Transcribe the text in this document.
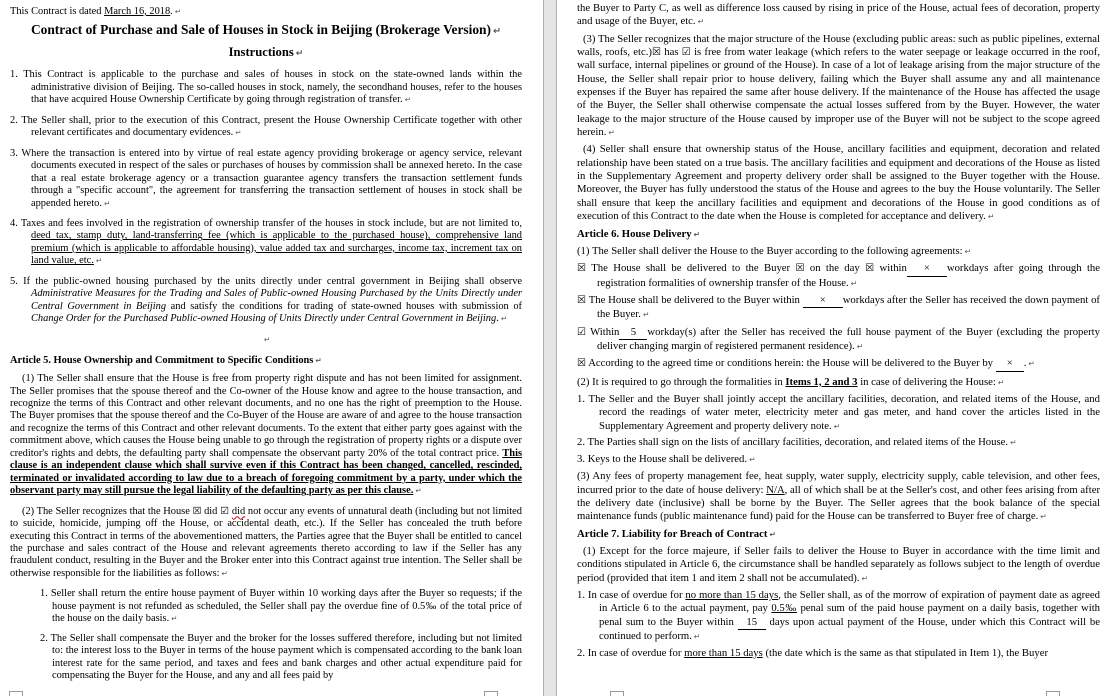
This Contract is dated March 16, 2018. ↵
Contract of Purchase and Sale of Houses in Stock in Beijing (Brokerage Version) ↵
Instructions ↵
1. This Contract is applicable to the purchase and sales of houses in stock on the state-owned lands within the administrative division of Beijing. The so-called houses in stock, namely, the secondhand houses, refer to the houses that have acquired House Ownership Certificate by going through registration of transfer. ↵
2. The Seller shall, prior to the execution of this Contract, present the House Ownership Certificate together with other relevant certificates and documentary evidences. ↵
3. Where the transaction is entered into by virtue of real estate agency providing brokerage or agency service, relevant documents executed in respect of the sales or purchases of houses by commission shall be annexed hereto. In the case that a real estate brokerage agency or a transaction guarantee agency transfers the transaction settlement funds through a "specific account", the agreement for transferring the transaction settlement of houses in stock shall be appended hereto. ↵
4. Taxes and fees involved in the registration of ownership transfer of the houses in stock include, but are not limited to, deed tax, stamp duty, land-transferring fee (which is applicable to the purchased house), comprehensive land premium (which is applicable to affordable housing), value added tax and surcharges, income tax, increment tax on land value, etc. ↵
5. If the public-owned housing purchased by the units directly under central government in Beijing shall observe Administrative Measures for the Trading and Sales of Public-owned Housing Purchased by the Units Directly under Central Government in Beijing and satisfy the conditions for trading of state-owned houses with submission of Change Order for the Purchased Public-owned Housing of Units Directly under Central Government in Beijing. ↵
↵
Article 5. House Ownership and Commitment to Specific Conditions ↵
(1) The Seller shall ensure that the House is free from property right dispute and has not been limited for assignment. The Seller promises that the spouse thereof and the Co-owner of the House know and agree to the house transaction, and recognize the terms of this Contract and other relevant documents, and no one has the right of preemption to the House. The Buyer promises that the spouse thereof and the Co-Buyer of the House are aware of and agree to the house transaction and recognize the terms of this Contract and other relevant documents. To the extent that either party goes against with the commitment above, which causes the House being unable to go through the registration of property rights or a dispute over creditor's rights and debts, the defaulting party shall compensate the observant party 20% of the total contract price. This clause is an independent clause which shall survive even if this Contract has been changed, cancelled, rescinded, terminated or invalidated according to law due to a breach of foregoing commitment by a party, under which the observant party may still pursue the legal liability of the defaulting party as per this clause. ↵
(2) The Seller recognizes that the House ☒ did ☑ did not occur any events of unnatural death (including but not limited to suicide, homicide, jumping off the House, or accidental death, etc.). If the Seller has concealed the truth before executing this Contract in terms of the abovementioned matters, the Parties agree that the Buyer shall be entitled to cancel the purchase and sales contract of the House and relevant agreements thereto according to law if the Seller has any fraudulent conduct, resulting in the Buyer and the Broker enter into this Contract against true intention. The Seller shall be otherwise responsible for the liabilities as follows: ↵
1. Seller shall return the entire house payment of Buyer within 10 working days after the Buyer so requests; if the house payment is not refunded as scheduled, the Seller shall pay the overdue fine of 0.5‰ of the total price of the house on the daily basis. ↵
2. The Seller shall compensate the Buyer and the broker for the losses suffered therefore, including but not limited to: the interest loss to the Buyer in terms of the house payment which is compensated according to the bank loan interest rate for the same period, and taxes and fees and bank charges and other actual expenditure paid for compensating the Buyer for the House, and any and all fees paid by
the Buyer to Party C, as well as difference loss caused by rising in price of the House, actual fees of decoration, property and usage of the Buyer, etc. ↵
(3) The Seller recognizes that the major structure of the House (excluding public areas: such as public pipelines, external walls, roofs, etc.)☒ has ☑ is free from water leakage (which refers to the water seepage or leakage occurred in the roof, wall surface, internal pipelines or ground of the House). In case of a lot of leakage arising from the major structure of the House, the Seller shall repair prior to house delivery, failing which the Buyer shall assume any and all maintenance expenses if the Buyer has repaired the same after house delivery. If the maintenance of the House has affected the usage of the Buyer, the Seller shall otherwise compensate the actual losses suffered from by the Buyer. However, the water leakage to the major structure of the House caused by improper use of the Buyer will not be subject to the scope agreed herein. ↵
(4) Seller shall ensure that ownership status of the House, ancillary facilities and equipment, decoration and related relationship have been stated on a true basis. The ancillary facilities and equipment and decorations of the House as listed in the Supplementary Agreement and property delivery order shall be assigned to the Buyer together with the House. Moreover, the Buyer has fully understood the status of the House and agrees to the buy the House voluntarily. The Seller shall ensure that keep the ancillary facilities and equipment and decorations of the House in good conditions as of execution of this Contract to the date when the House is completed for acceptance and delivery. ↵
Article 6. House Delivery ↵
(1) The Seller shall deliver the House to the Buyer according to the following agreements: ↵
☒ The House shall be delivered to the Buyer ☒ on the day ☒ within × workdays after going through the registration formalities of ownership transfer of the House. ↵
☒ The House shall be delivered to the Buyer within × workdays after the Seller has received the down payment of the Buyer. ↵
☑ Within 5 workday(s) after the Seller has received the full house payment of the Buyer (excluding the property deliver changing margin of registered permanent residence). ↵
☒ According to the agreed time or conditions herein: the House will be delivered to the Buyer by × . ↵
(2) It is required to go through the formalities in Items 1, 2 and 3 in case of delivering the House: ↵
1. The Seller and the Buyer shall jointly accept the ancillary facilities, decoration, and related items of the House, and record the readings of water meter, electricity meter and gas meter, and hand cover the articles listed in the Supplementary Agreement and property delivery note. ↵
2. The Parties shall sign on the lists of ancillary facilities, decoration, and related items of the House. ↵
3. Keys to the House shall be delivered. ↵
(3) Any fees of property management fee, heat supply, water supply, electricity supply, cable television, and other fees, incurred prior to the date of house delivery: N/A, all of which shall be at the Seller's cost, and other fees arising from after the delivery date (inclusive) shall be borne by the Buyer. The Seller agrees that the book balance of the special maintenance funds (public maintenance fund) paid for the House can be transferred to Buyer free of charge. ↵
Article 7. Liability for Breach of Contract ↵
(1) Except for the force majeure, if Seller fails to deliver the House to Buyer in accordance with the time limit and conditions stipulated in Article 6, the circumstance shall be handled separately as follows subject to the length of overdue period (provided that item 1 and item 2 shall not be accumulated). ↵
1. In case of overdue for no more than 15 days, the Seller shall, as of the morrow of expiration of payment date as agreed in Article 6 to the actual payment, pay 0.5‰ penal sum of the paid house payment on a daily basis, together with penal sum to the Buyer within 15 days upon actual payment of the House, under which this Contract will be continued to perform. ↵
2. In case of overdue for more than 15 days (the date which is the same as that stipulated in Item 1), the Buyer
